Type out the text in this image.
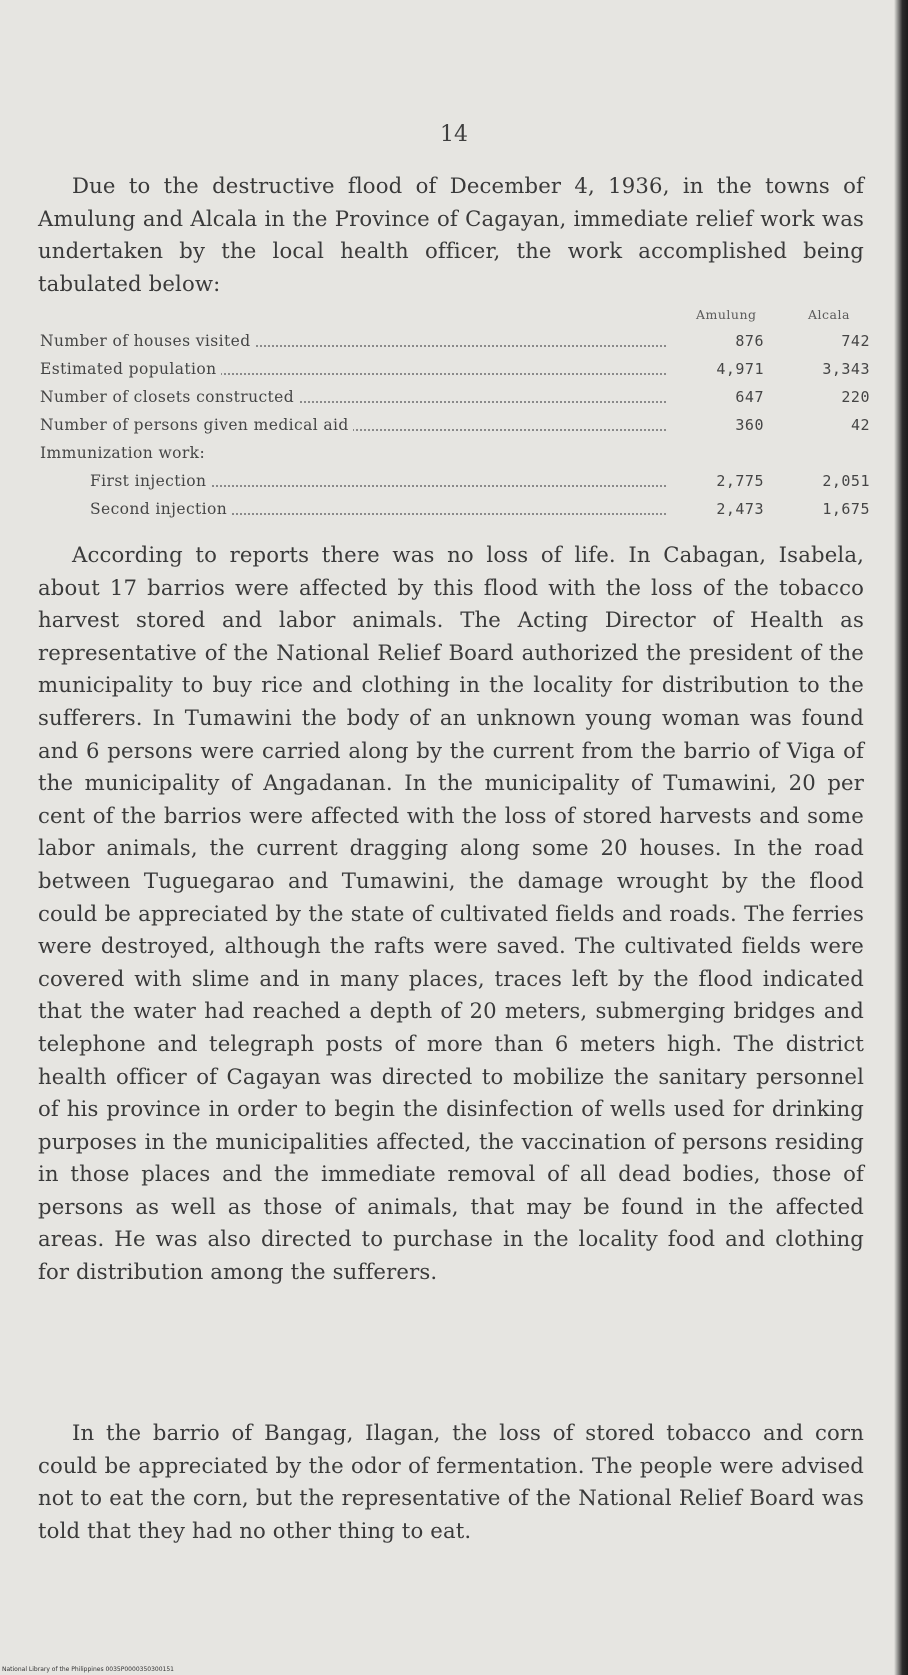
14

Due to the destructive flood of December 4, 1936, in the towns of Amulung and Alcala in the Province of Cagayan, immediate relief work was undertaken by the local health officer, the work accomplished being tabulated below:

Amulung	Alcala
Number of houses visited	876	742
Estimated population	4,971	3,343
Number of closets constructed	647	220
Number of persons given medical aid	360	42
Immunization work:
First injection	2,775	2,051
Second injection	2,473	1,675

According to reports there was no loss of life. In Cabagan, Isabela, about 17 barrios were affected by this flood with the loss of the tobacco harvest stored and labor animals. The Acting Director of Health as representative of the National Relief Board authorized the president of the municipality to buy rice and clothing in the locality for distribution to the sufferers. In Tumawini the body of an unknown young woman was found and 6 persons were carried along by the current from the barrio of Viga of the municipality of Angadanan. In the municipality of Tumawini, 20 per cent of the barrios were affected with the loss of stored harvests and some labor animals, the current dragging along some 20 houses. In the road between Tuguegarao and Tumawini, the damage wrought by the flood could be appreciated by the state of cultivated fields and roads. The ferries were destroyed, although the rafts were saved. The cultivated fields were covered with slime and in many places, traces left by the flood indicated that the water had reached a depth of 20 meters, submerging bridges and telephone and telegraph posts of more than 6 meters high. The district health officer of Cagayan was directed to mobilize the sanitary personnel of his province in order to begin the disinfection of wells used for drinking purposes in the municipalities affected, the vaccination of persons residing in those places and the immediate removal of all dead bodies, those of persons as well as those of animals, that may be found in the affected areas. He was also directed to purchase in the locality food and clothing for distribution among the sufferers.

In the barrio of Bangag, Ilagan, the loss of stored tobacco and corn could be appreciated by the odor of fermentation. The people were advised not to eat the corn, but the representative of the National Relief Board was told that they had no other thing to eat.

National Library of the Philippines 0035P0000350300151
